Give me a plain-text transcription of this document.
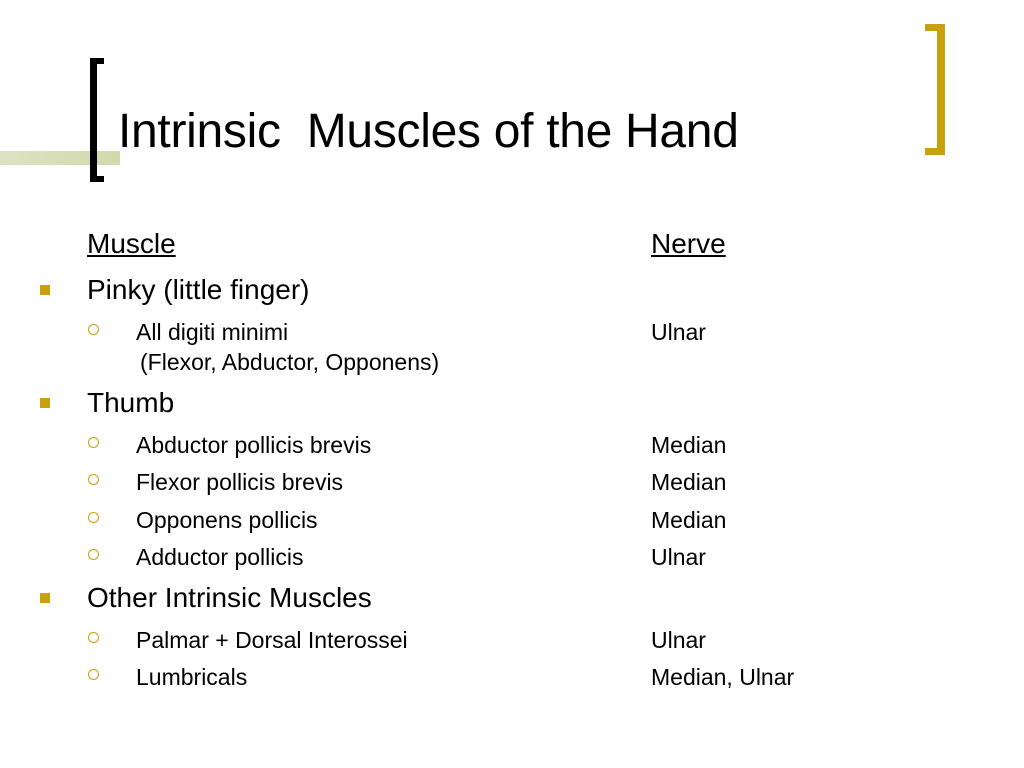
Intrinsic  Muscles of the Hand
Muscle	Nerve
Pinky (little finger)
All digiti minimi	Ulnar
(Flexor, Abductor, Opponens)
Thumb
Abductor pollicis brevis	Median
Flexor pollicis brevis	Median
Opponens pollicis	Median
Adductor pollicis	Ulnar
Other Intrinsic Muscles
Palmar + Dorsal Interossei	Ulnar
Lumbricals	Median, Ulnar
